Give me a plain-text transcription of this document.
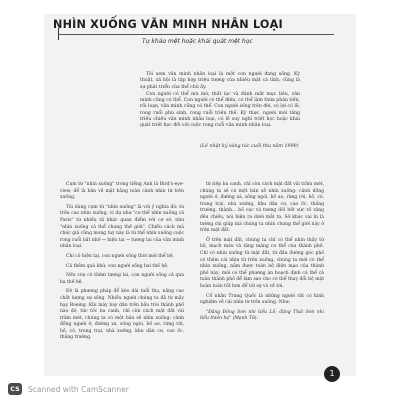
NHÌN XUỐNG VĂN MINH NHÂN LOẠI
Tự khảo mệt hoặc khái quát mệt học

Tôi xem văn minh nhân loại là một con người đang sống. Kỳ thuật, xã hội là tập hợp triệu tượng của nhiều mặt cá tính, cũng là sự phát triển của thể chủ ấy.

Con người có thể mù mờ, thất lạc và đánh mất mục tiêu, văn minh cũng có thể. Con người có thể điên, có thể làm thứa phản tiến, rồi loạn, văn minh cũng có thể. Con người sống trên đời, có lợi có lẽ, rong ruổi phù sinh, rong ruổi triền thế. Kỳ thực, người mới tăng triều chiều văn minh nhân loại, có lẽ suy nghĩ triết học hoặc khái quát triết học đối với cuộc rong ruổi văn minh nhân loại.

(Lê nhật ký sáng tác cuối thu năm 1999)

Cụm từ "nhìn xuống" trong tiếng Anh là Bird's-eye-view, để là bản về mặt bằng toàn cảnh nhìn từ trên xuống.

Tôi dùng cụm từ "nhìn xuống" là với ý nghĩa đó: từ trên cao nhìn xuống, ví dụ như "cơ thể nhìn xuống cả Paris" từ nhiều tầ khác quan điểm với cơ sở, như "nhìn xuống cả thể chung thế giới". Chiều cách mà chúc giả cũng mong tay này là từ thể nhìn xuống cuộc rong ruổi bất nhở → hiện tại → tương lai của văn minh nhân loại.

Chí có hiện tại, con người sống thời mới thể hệ.

Cả thêm quá khứ, con người sống hai thế hệ.

Nếu còn có thêm tương lai, con người sống cả qua ba thế hệ.

Đó là phương pháp để kéo dài tuổi thọ, nâng cao chất lượng sự sống. Nhiều người chúng ta đã từ mãy hay Boeing. Khi máy bay dần trên bầu trời thành phố nào đó, tức tốc ba canh, chỉ còn cách mặt đất vài trăm mét, chúng ta có một bản sẽ nhìn xuống: cảnh đồng người ở, đường xá, sông ngòi, bồ ao, rừng rời, hồ, cỏ, trong trại, nhà xưởng, khu dân cư, cao ốc, thắng trường.

từ tiếp ba canh, chỉ còn cách mặt đất vài trăm mét, chúng ta sẽ có một bản sẽ nhìn xuống: cánh đồng người ở, đường xá, sông ngòi, bồ ao, rừng rời, hồ, cỏ, trang trại, nhà xưởng, khu dân cư, cao ốc, thắng trường, thành... bố cục và tương đối hết sức rõ ràng đều chiếu, nói hiện ra dưới mắt ta. Sở khác vai ỉn là tường chi giúp mà chúng ta nhìn chung thể giới này ở trên mặt đất.

Ở trên mặt đất, chúng ta chỉ có thể nhìn thấy từ bộ, mạch máu và tăng mảng cơ thể của thành phố. Chỉ có nhìn xuống từ mặt đất, từ đầu đường góc phố có thêm cái nhìn từ trên xuống, chúng ta mới có thể nhìn xuống, nắm được toàn bộ điện mạo của thành phố này; mới có thể phương án hoạch định cá thể cả toàn thành phố để làm sao cho có thể thay đổi bộ mặt hoàn toàn tốt hơn để tới sự và về tới.

Cổ nhân Trung Quốc là những người rất có kinh nghiệm về cái nhìn từ trên xuống. Như:

"Đăng Đông Sơn nhi tiểu Lỗ; đăng Thái Sơn nhi tiểu thiên hạ" (Mạnh Tử).

1
CS Scanned with CamScanner
